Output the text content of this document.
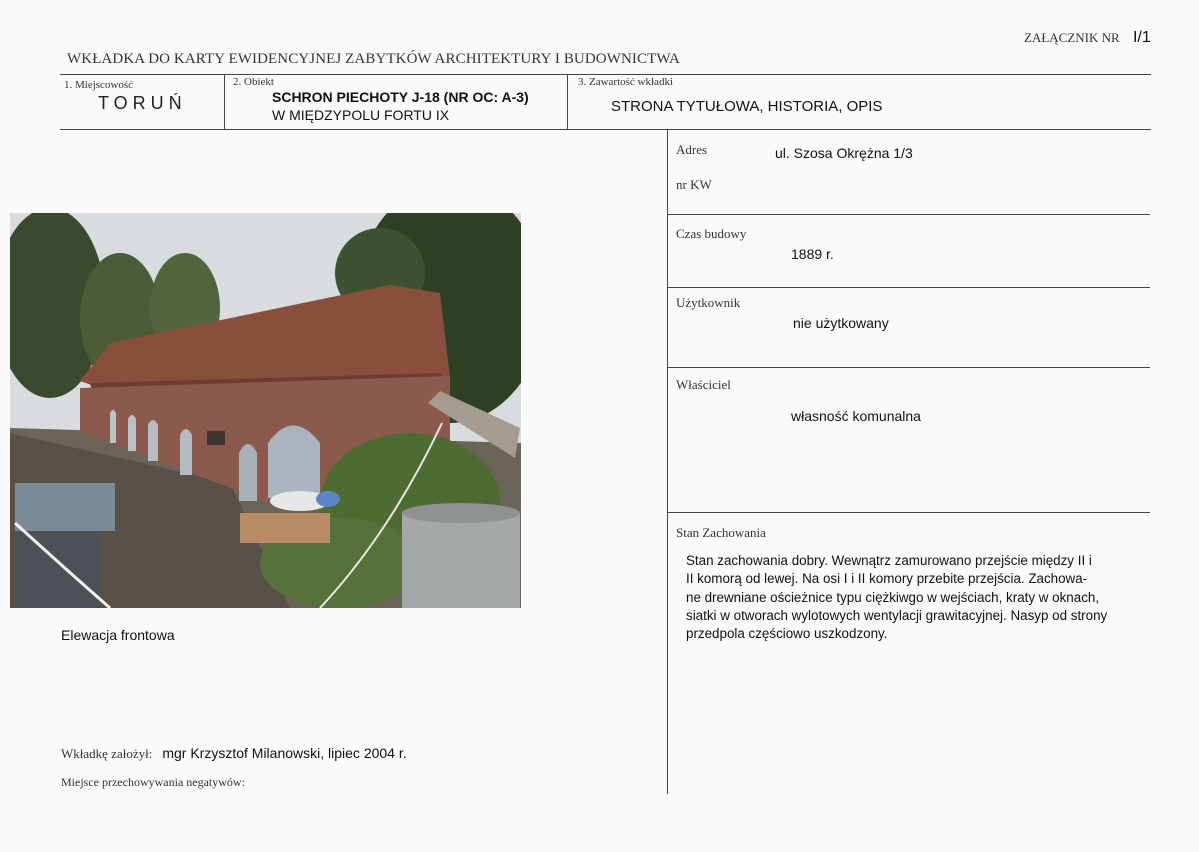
ZAŁĄCZNIK NR I/1
WKŁADKA DO KARTY EWIDENCYJNEJ ZABYTKÓW ARCHITEKTURY I BUDOWNICTWA
1. Miejscowość
TORUŃ
2. Obiekt
SCHRON PIECHOTY J-18 (NR OC: A-3)
W MIĘDZYPOLU FORTU IX
3. Zawartość wkładki
STRONA TYTUŁOWA, HISTORIA, OPIS
Adres	ul. Szosa Okrężna 1/3
nr KW
Czas budowy
1889 r.
Użytkownik
nie użytkowany
Właściciel
własność komunalna
Stan Zachowania
Stan zachowania dobry. Wewnątrz zamurowano przejście między II i
II komorą od lewej. Na osi I i II komory przebite przejścia. Zachowa-
ne drewniane ościeżnice typu ciężkiwgo w wejściach, kraty w oknach,
siatki w otworach wylotowych wentylacji grawitacyjnej. Nasyp od strony
przedpola częściowo uszkodzony.
Elewacja frontowa
Wkładkę założył: mgr Krzysztof Milanowski, lipiec 2004 r.
Miejsce przechowywania negatywów:
